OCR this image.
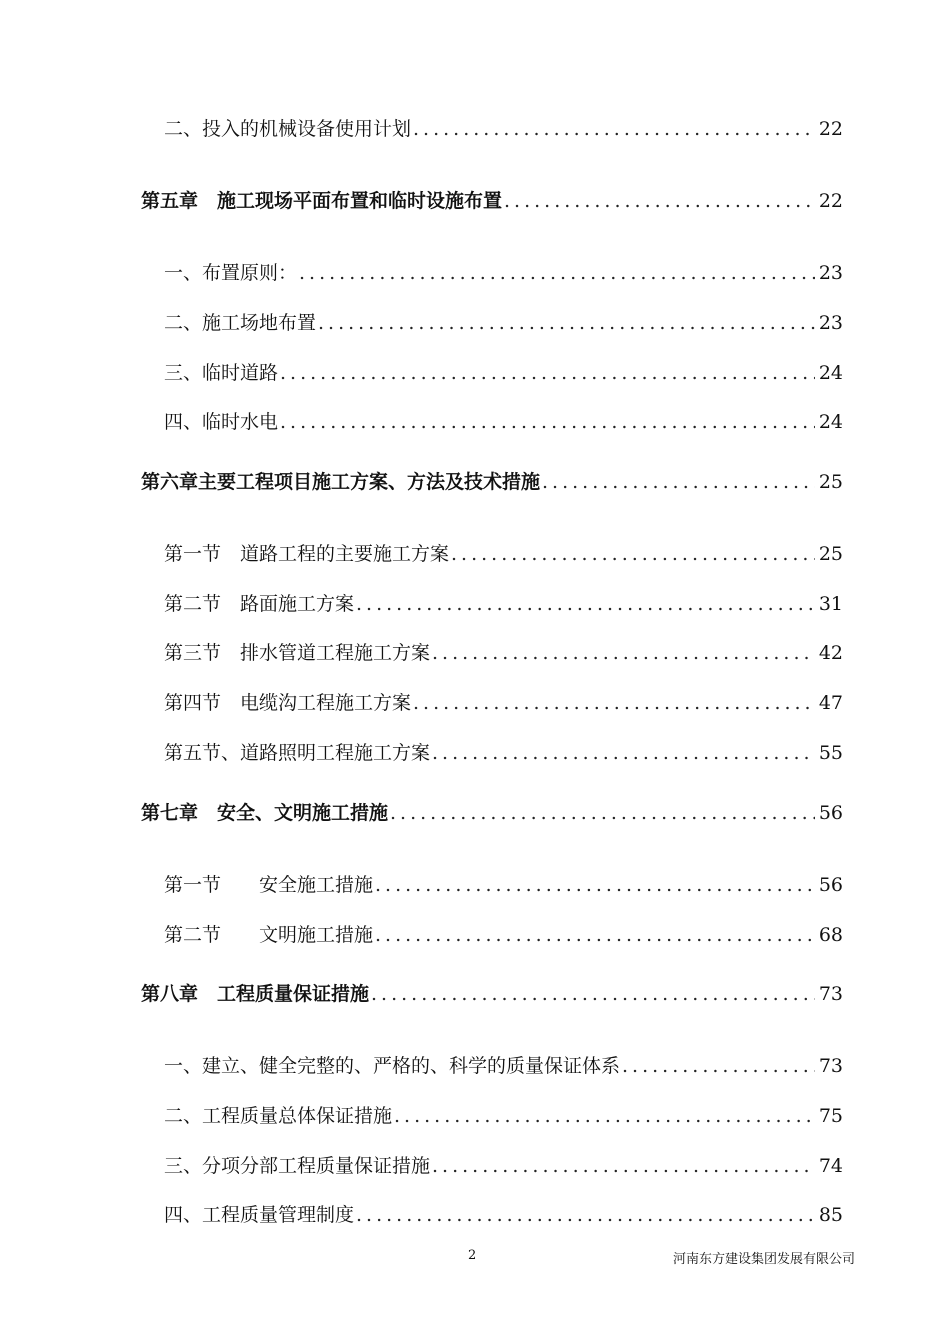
二、投入的机械设备使用计划 .....	22
第五章　施工现场平面布置和临时设施布置 .....	22
一、布置原则： .....	23
二、施工场地布置 .....	23
三、临时道路 .....	24
四、临时水电 .....	24
第六章主要工程项目施工方案、方法及技术措施 .....	25
第一节　道路工程的主要施工方案 .....	25
第二节　路面施工方案 .....	31
第三节　排水管道工程施工方案 .....	42
第四节　电缆沟工程施工方案 .....	47
第五节、道路照明工程施工方案 .....	55
第七章　安全、文明施工措施 .....	56
第一节　　安全施工措施 .....	56
第二节　　文明施工措施 .....	68
第八章　工程质量保证措施 .....	73
一、建立、健全完整的、严格的、科学的质量保证体系 .....	73
二、工程质量总体保证措施 .....	75
三、分项分部工程质量保证措施 .....	74
四、工程质量管理制度 .....	85
2	河南东方建设集团发展有限公司
